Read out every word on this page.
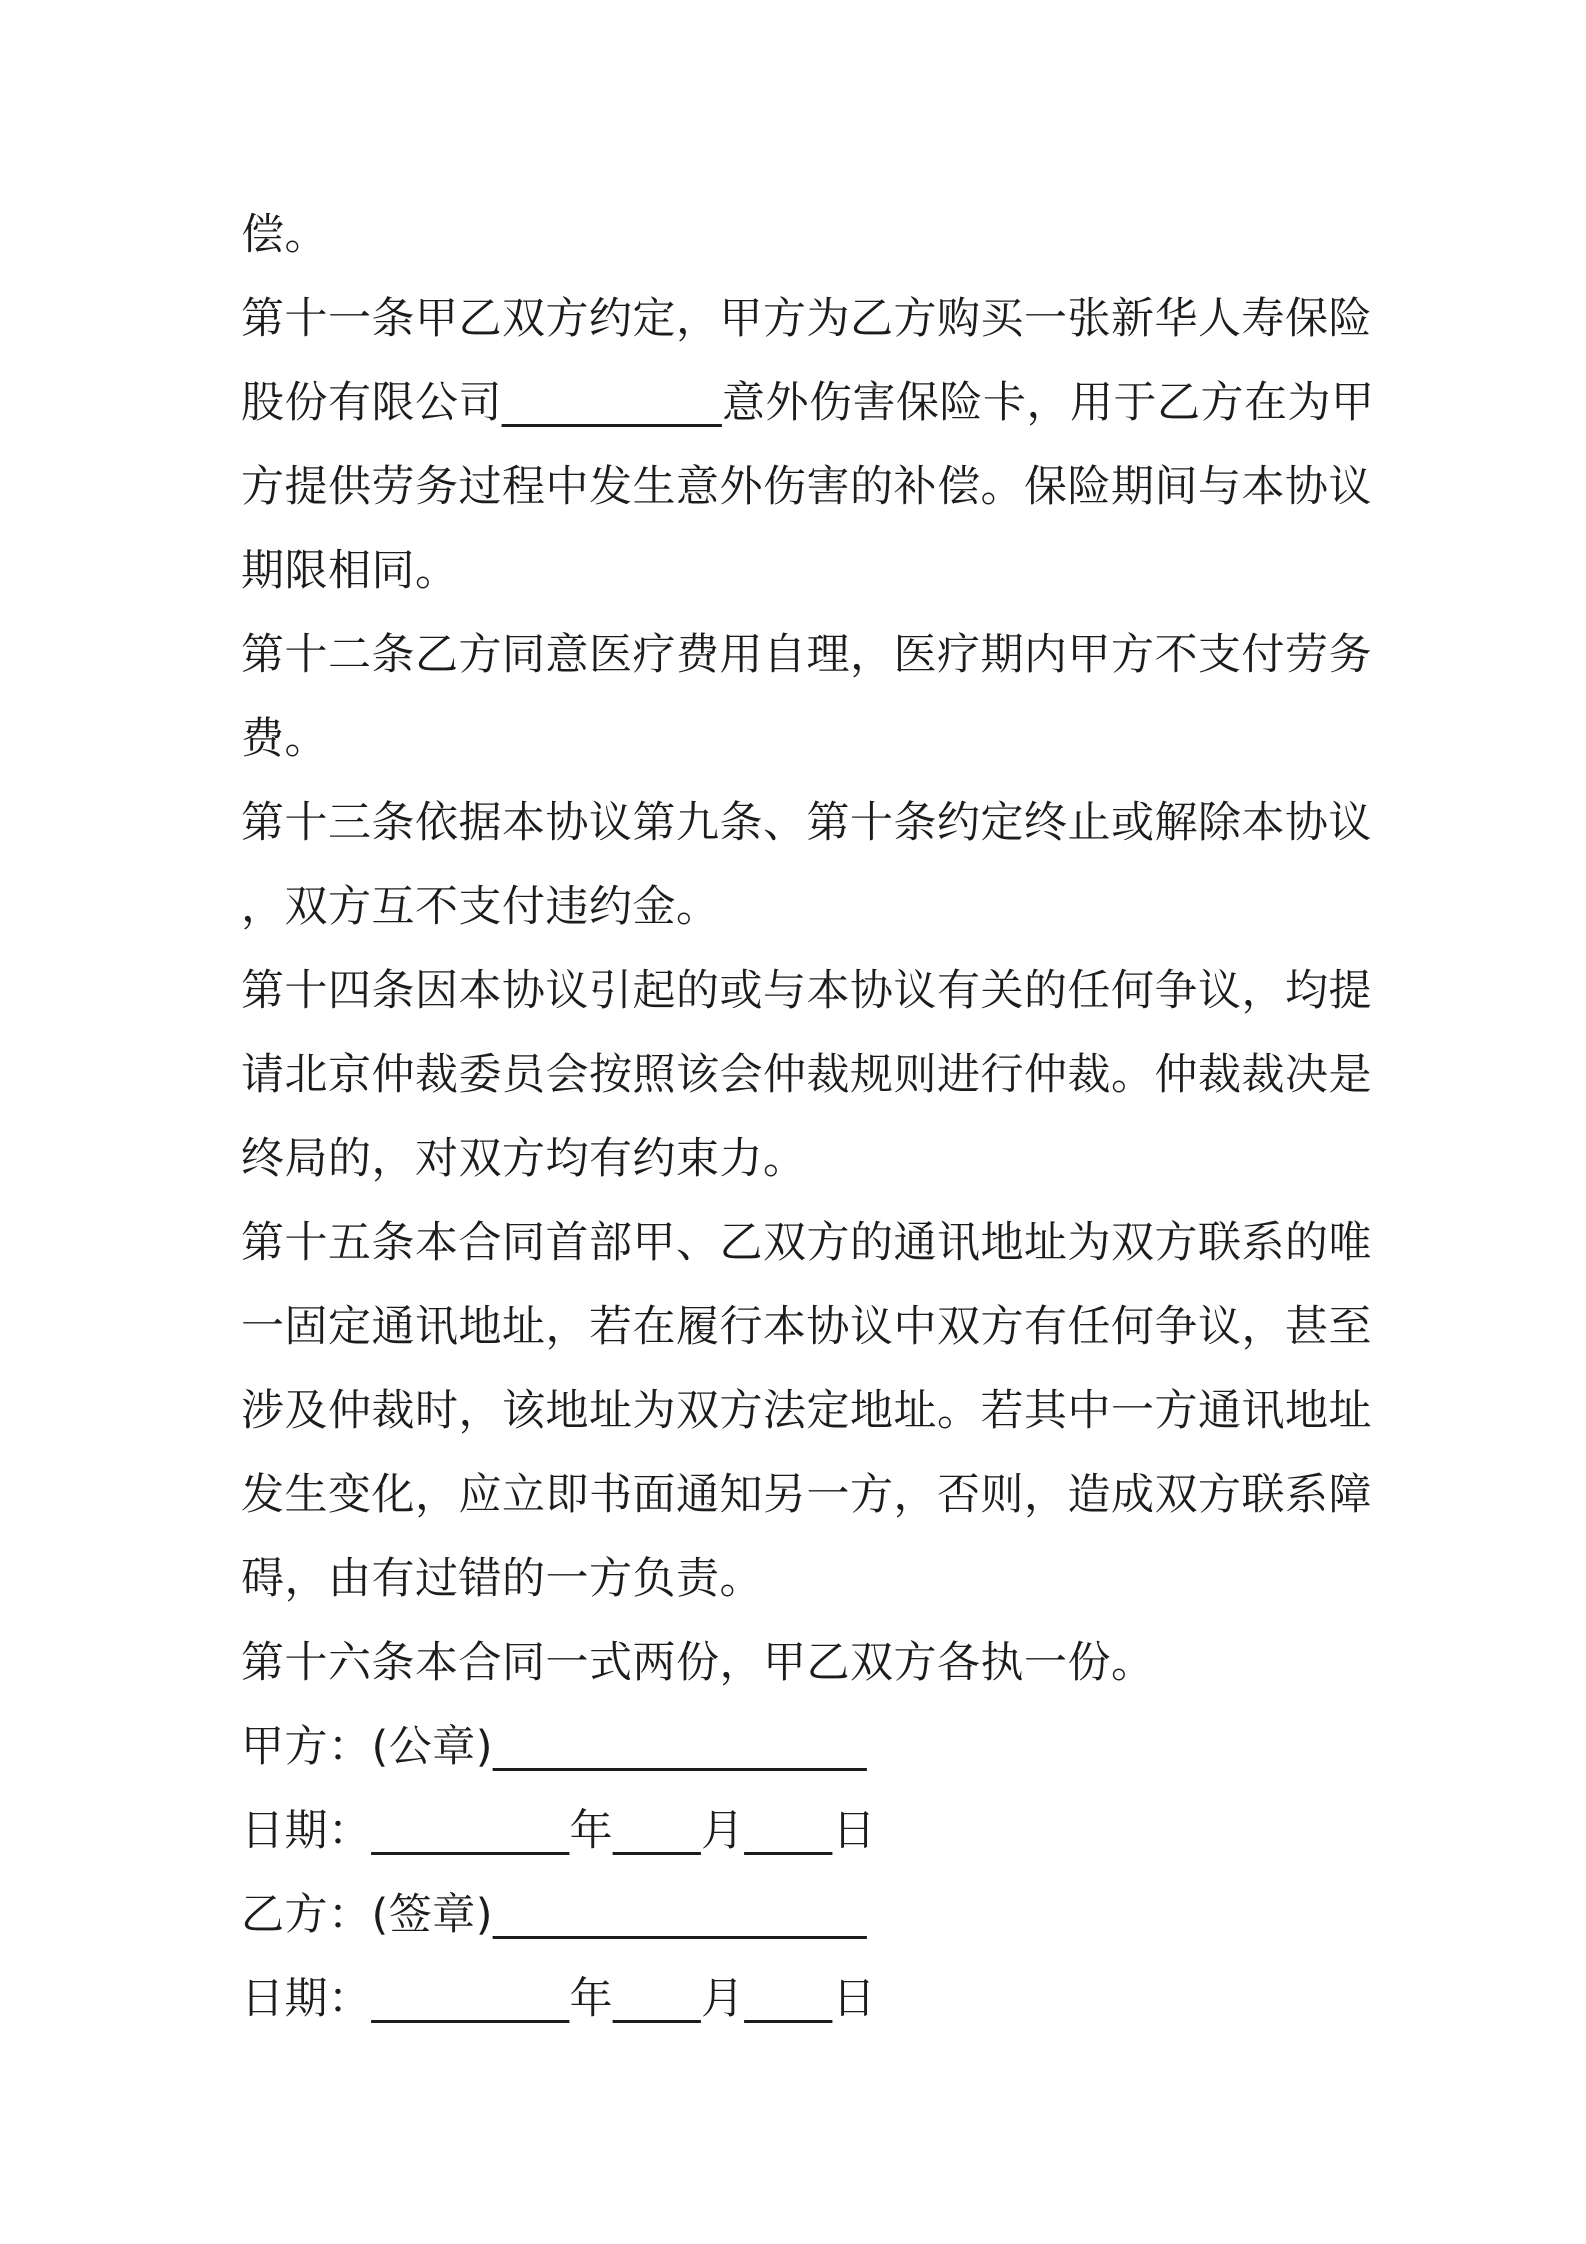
偿。
第十一条甲乙双方约定，甲方为乙方购买一张新华人寿保险
股份有限公司__________意外伤害保险卡，用于乙方在为甲
方提供劳务过程中发生意外伤害的补偿。保险期间与本协议
期限相同。
第十二条乙方同意医疗费用自理，医疗期内甲方不支付劳务
费。
第十三条依据本协议第九条、第十条约定终止或解除本协议
，双方互不支付违约金。
第十四条因本协议引起的或与本协议有关的任何争议，均提
请北京仲裁委员会按照该会仲裁规则进行仲裁。仲裁裁决是
终局的，对双方均有约束力。
第十五条本合同首部甲、乙双方的通讯地址为双方联系的唯
一固定通讯地址，若在履行本协议中双方有任何争议，甚至
涉及仲裁时，该地址为双方法定地址。若其中一方通讯地址
发生变化，应立即书面通知另一方，否则，造成双方联系障
碍，由有过错的一方负责。
第十六条本合同一式两份，甲乙双方各执一份。
甲方：(公章)_________________
日期：_________年____月____日
乙方：(签章)_________________
日期：_________年____月____日
